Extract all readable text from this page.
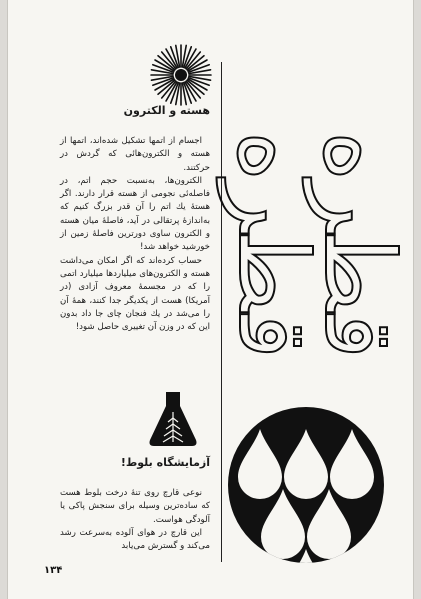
هسته و الکترون

اجسام از اتمها تشکیل شده‌اند، اتمها از هسته و الکترون‌هائی که گردش در حرکتند.

الکترون‌ها، به‌نسبت حجم اتم، در فاصله‌ئی نجومی از هسته قرار دارند. اگر هستهٔ یك اتم را آن قدر بزرگ کنیم که به‌اندازهٔ پرتقالی در آید، فاصلهٔ میان هسته و الکترون ساوی دورترین فاصلهٔ زمین از خورشید خواهد شد!

حساب کرده‌اند که اگر امکان می‌داشت هسته و الکترون‌های میلیاردها میلیارد اتمی را که در مجسمهٔ معروف آزادی (در آمریکا) هست از یکدیگر جدا کنند، همهٔ آن را می‌شد در یك فنجان چای جا داد بدون این که در وزن آن تغییری حاصل شود!

آزمایشگاه بلوط!

نوعی قارچ روی تنهٔ درخت بلوط هست که ساده‌ترین وسیله برای سنجش پاکی یا آلودگی هواست.

این قارچ در هوای آلوده به‌سرعت رشد می‌کند و گسترش می‌یابد

قطره
قطره
۱۳۴
